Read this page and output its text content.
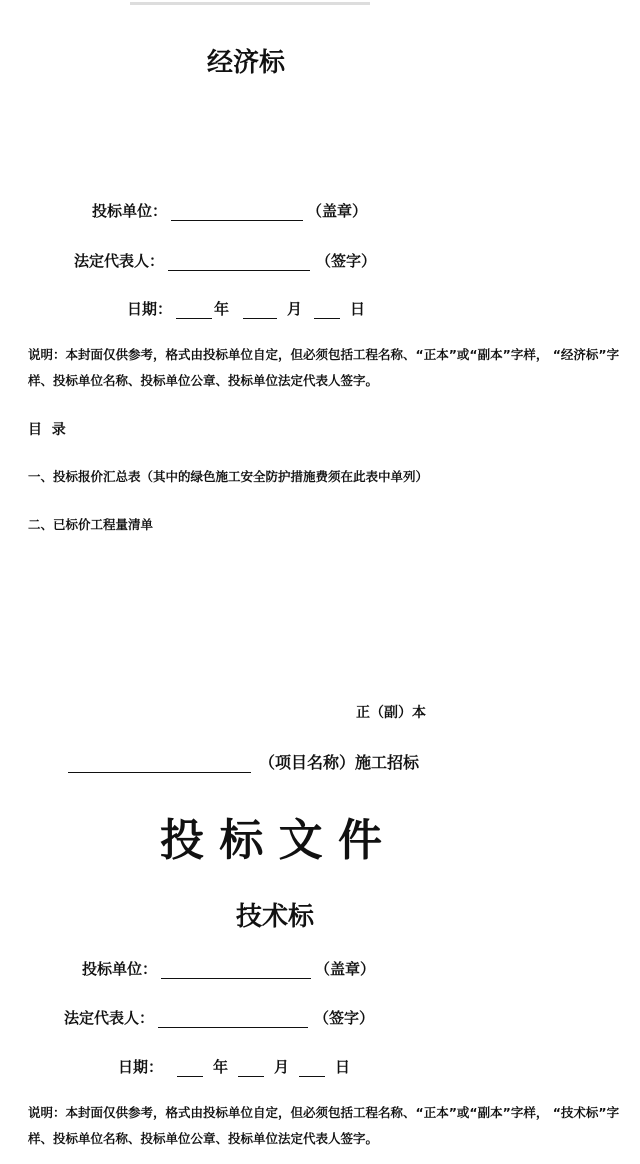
经济标
投标单位：	（盖章）
法定代表人：	（签字）
日期：	年	月	日
说明：本封面仅供参考，格式由投标单位自定，但必须包括工程名称、“正本”或“副本”字样， “经济标”字样、投标单位名称、投标单位公章、投标单位法定代表人签字。
目  录
一、投标报价汇总表（其中的绿色施工安全防护措施费须在此表中单列）
二、已标价工程量清单
正（副）本
（项目名称）施工招标
投 标 文 件
技术标
投标单位：	（盖章）
法定代表人：	（签字）
日期：	年	月	日
说明：本封面仅供参考，格式由投标单位自定，但必须包括工程名称、“正本”或“副本”字样， “技术标”字样、投标单位名称、投标单位公章、投标单位法定代表人签字。
